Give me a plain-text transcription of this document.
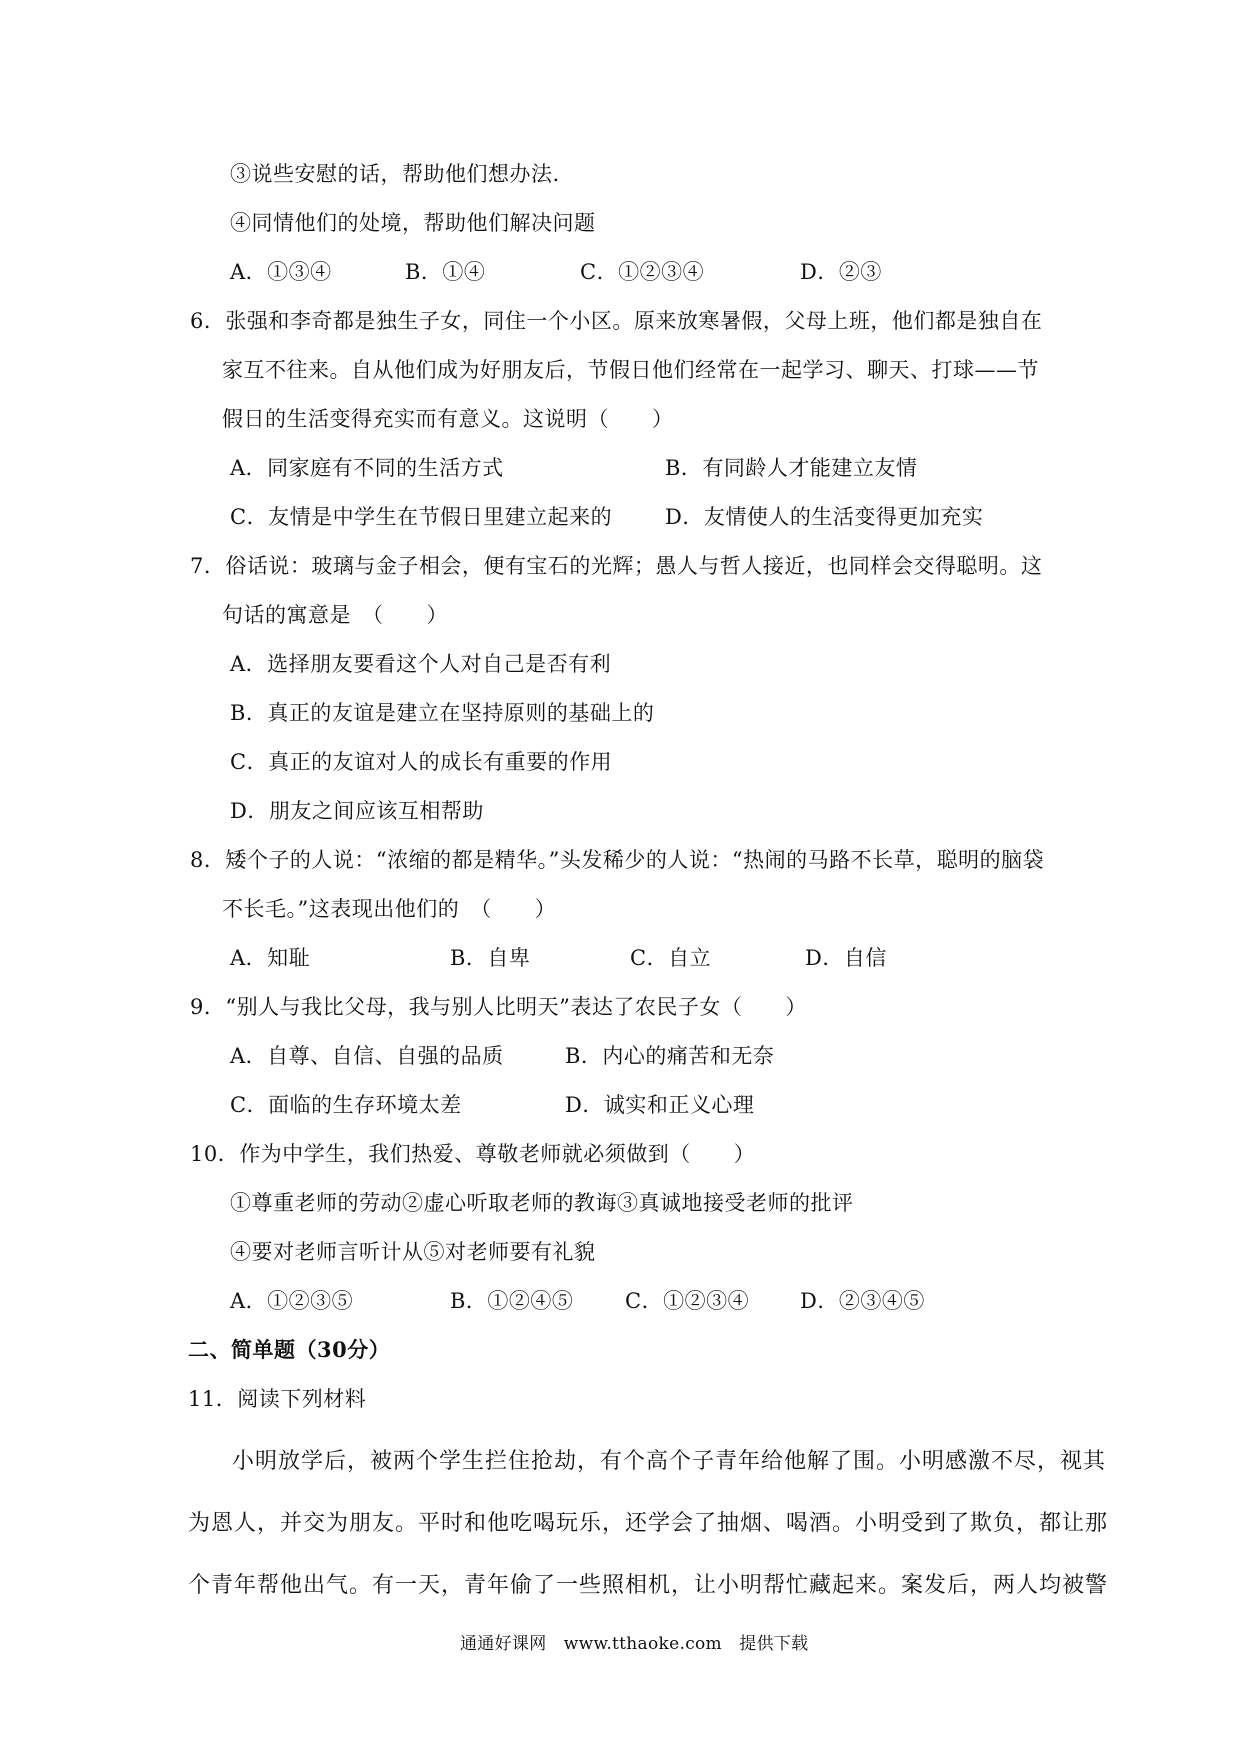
③说些安慰的话，帮助他们想办法.
④同情他们的处境，帮助他们解决问题
A．①③④	B．①④	C．①②③④	D．②③
6．张强和李奇都是独生子女，同住一个小区。原来放寒暑假，父母上班，他们都是独自在
家互不往来。自从他们成为好朋友后，节假日他们经常在一起学习、聊天、打球——节
假日的生活变得充实而有意义。这说明（　　）
A．同家庭有不同的生活方式	B．有同龄人才能建立友情
C．友情是中学生在节假日里建立起来的	D．友情使人的生活变得更加充实
7．俗话说：玻璃与金子相会，便有宝石的光辉；愚人与哲人接近，也同样会交得聪明。这
句话的寓意是　（　　）
A．选择朋友要看这个人对自己是否有利
B．真正的友谊是建立在坚持原则的基础上的
C．真正的友谊对人的成长有重要的作用
D．朋友之间应该互相帮助
8．矮个子的人说：“浓缩的都是精华。”头发稀少的人说：“热闹的马路不长草，聪明的脑袋
不长毛。”这表现出他们的　（　　）
A．知耻	B．自卑	C．自立	D．自信
9．“别人与我比父母，我与别人比明天”表达了农民子女（　　）
A．自尊、自信、自强的品质	B．内心的痛苦和无奈
C．面临的生存环境太差	D．诚实和正义心理
10．作为中学生，我们热爱、尊敬老师就必须做到（　　）
①尊重老师的劳动②虚心听取老师的教诲③真诚地接受老师的批评
④要对老师言听计从⑤对老师要有礼貌
A．①②③⑤	B．①②④⑤ C．①②③④ D．②③④⑤
二、简单题（30分）
11．阅读下列材料
小明放学后，被两个学生拦住抢劫，有个高个子青年给他解了围。小明感激不尽，视其
为恩人，并交为朋友。平时和他吃喝玩乐，还学会了抽烟、喝酒。小明受到了欺负，都让那
个青年帮他出气。有一天，青年偷了一些照相机，让小明帮忙藏起来。案发后，两人均被警
通通好课网　www.tthaoke.com　提供下载
